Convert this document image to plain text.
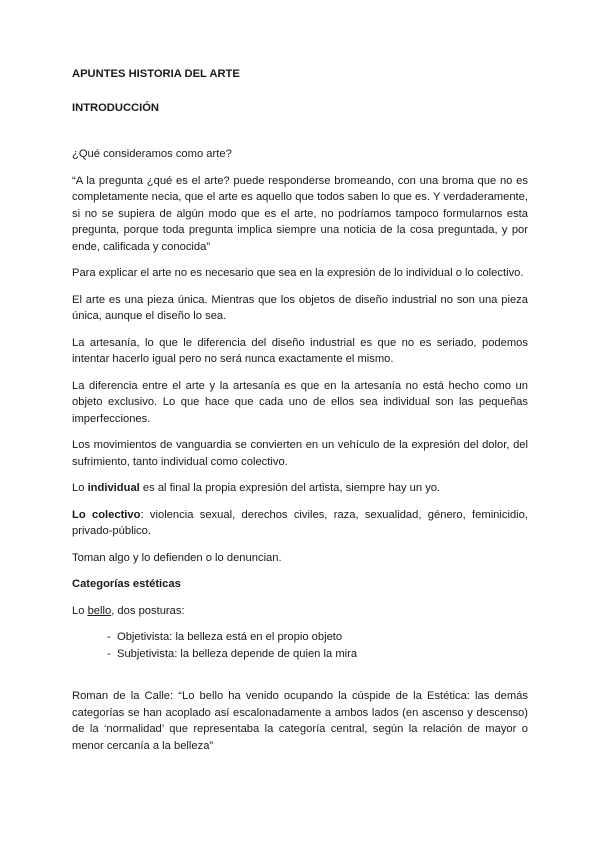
APUNTES HISTORIA DEL ARTE
INTRODUCCIÓN

¿Qué consideramos como arte?

“A la pregunta ¿qué es el arte? puede responderse bromeando, con una broma que no es completamente necia, que el arte es aquello que todos saben lo que es. Y verdaderamente, si no se supiera de algún modo que es el arte, no podríamos tampoco formularnos esta pregunta, porque toda pregunta implica siempre una noticia de la cosa preguntada, y por ende, calificada y conocida”

Para explicar el arte no es necesario que sea en la expresión de lo individual o lo colectivo.

El arte es una pieza única. Mientras que los objetos de diseño industrial no son una pieza única, aunque el diseño lo sea.

La artesanía, lo que le diferencia del diseño industrial es que no es seriado, podemos intentar hacerlo igual pero no será nunca exactamente el mismo.

La diferencia entre el arte y la artesanía es que en la artesanía no está hecho como un objeto exclusivo. Lo que hace que cada uno de ellos sea individual son las pequeñas imperfecciones.

Los movimientos de vanguardia se convierten en un vehículo de la expresión del dolor, del sufrimiento, tanto individual como colectivo.

Lo individual es al final la propia expresión del artista, siempre hay un yo.

Lo colectivo: violencia sexual, derechos civiles, raza, sexualidad, género, feminicidio, privado-público.

Toman algo y lo defienden o lo denuncian.

Categorías estéticas

Lo bello, dos posturas:

- Objetivista: la belleza está en el propio objeto
- Subjetivista: la belleza depende de quien la mira

Roman de la Calle: “Lo bello ha venido ocupando la cúspide de la Estética: las demás categorías se han acoplado así escalonadamente a ambos lados (en ascenso y descenso) de la ‘normalidad’ que representaba la categoría central, según la relación de mayor o menor cercanía a la belleza”
